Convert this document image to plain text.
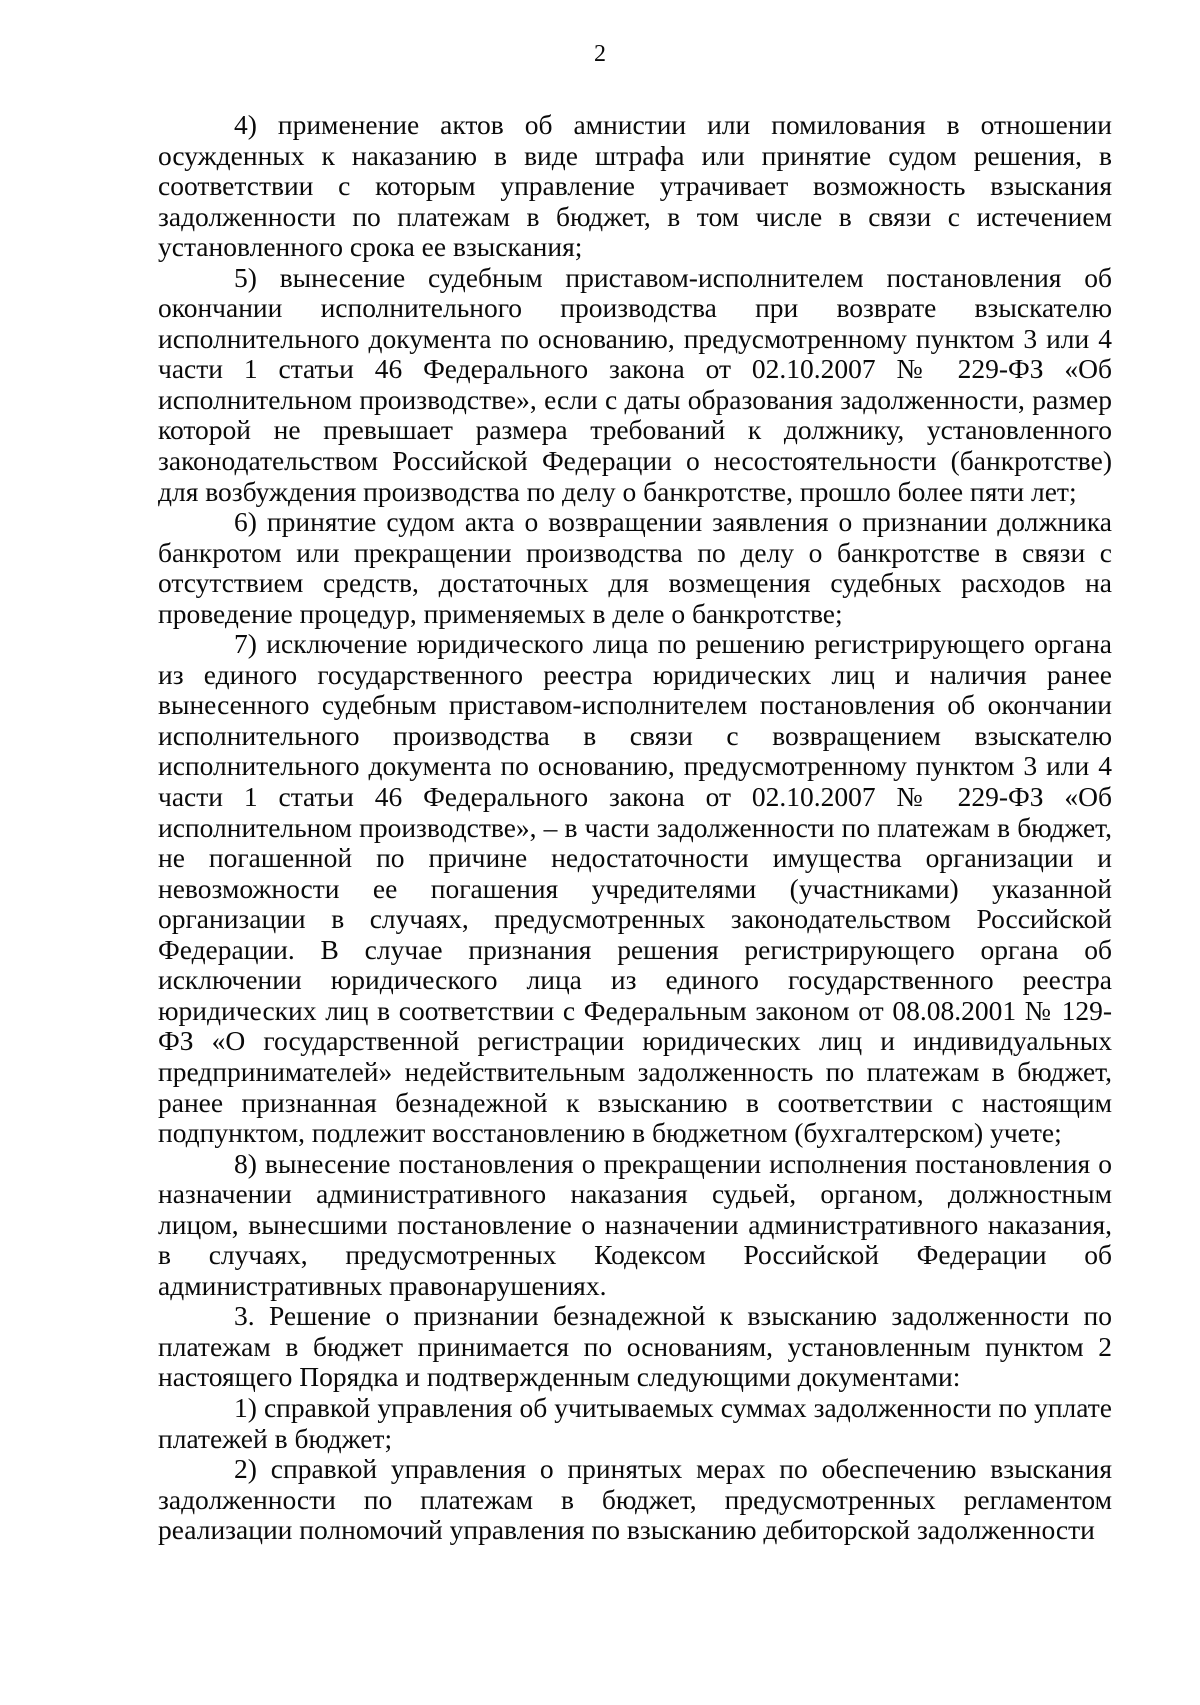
2

4) применение актов об амнистии или помилования в отношении осужденных к наказанию в виде штрафа или принятие судом решения, в соответствии с которым управление утрачивает возможность взыскания задолженности по платежам в бюджет, в том числе в связи с истечением установленного срока ее взыскания;

5) вынесение судебным приставом-исполнителем постановления об окончании исполнительного производства при возврате взыскателю исполнительного документа по основанию, предусмотренному пунктом 3 или 4 части 1 статьи 46 Федерального закона от 02.10.2007 № 229-ФЗ «Об исполнительном производстве», если с даты образования задолженности, размер которой не превышает размера требований к должнику, установленного законодательством Российской Федерации о несостоятельности (банкротстве) для возбуждения производства по делу о банкротстве, прошло более пяти лет;

6) принятие судом акта о возвращении заявления о признании должника банкротом или прекращении производства по делу о банкротстве в связи с отсутствием средств, достаточных для возмещения судебных расходов на проведение процедур, применяемых в деле о банкротстве;

7) исключение юридического лица по решению регистрирующего органа из единого государственного реестра юридических лиц и наличия ранее вынесенного судебным приставом-исполнителем постановления об окончании исполнительного производства в связи с возвращением взыскателю исполнительного документа по основанию, предусмотренному пунктом 3 или 4 части 1 статьи 46 Федерального закона от 02.10.2007 № 229-ФЗ «Об исполнительном производстве», – в части задолженности по платежам в бюджет, не погашенной по причине недостаточности имущества организации и невозможности ее погашения учредителями (участниками) указанной организации в случаях, предусмотренных законодательством Российской Федерации. В случае признания решения регистрирующего органа об исключении юридического лица из единого государственного реестра юридических лиц в соответствии с Федеральным законом от 08.08.2001 № 129-ФЗ «О государственной регистрации юридических лиц и индивидуальных предпринимателей» недействительным задолженность по платежам в бюджет, ранее признанная безнадежной к взысканию в соответствии с настоящим подпунктом, подлежит восстановлению в бюджетном (бухгалтерском) учете;

8) вынесение постановления о прекращении исполнения постановления о назначении административного наказания судьей, органом, должностным лицом, вынесшими постановление о назначении административного наказания, в случаях, предусмотренных Кодексом Российской Федерации об административных правонарушениях.

3. Решение о признании безнадежной к взысканию задолженности по платежам в бюджет принимается по основаниям, установленным пунктом 2 настоящего Порядка и подтвержденным следующими документами:

1) справкой управления об учитываемых суммах задолженности по уплате платежей в бюджет;

2) справкой управления о принятых мерах по обеспечению взыскания задолженности по платежам в бюджет, предусмотренных регламентом реализации полномочий управления по взысканию дебиторской задолженности
